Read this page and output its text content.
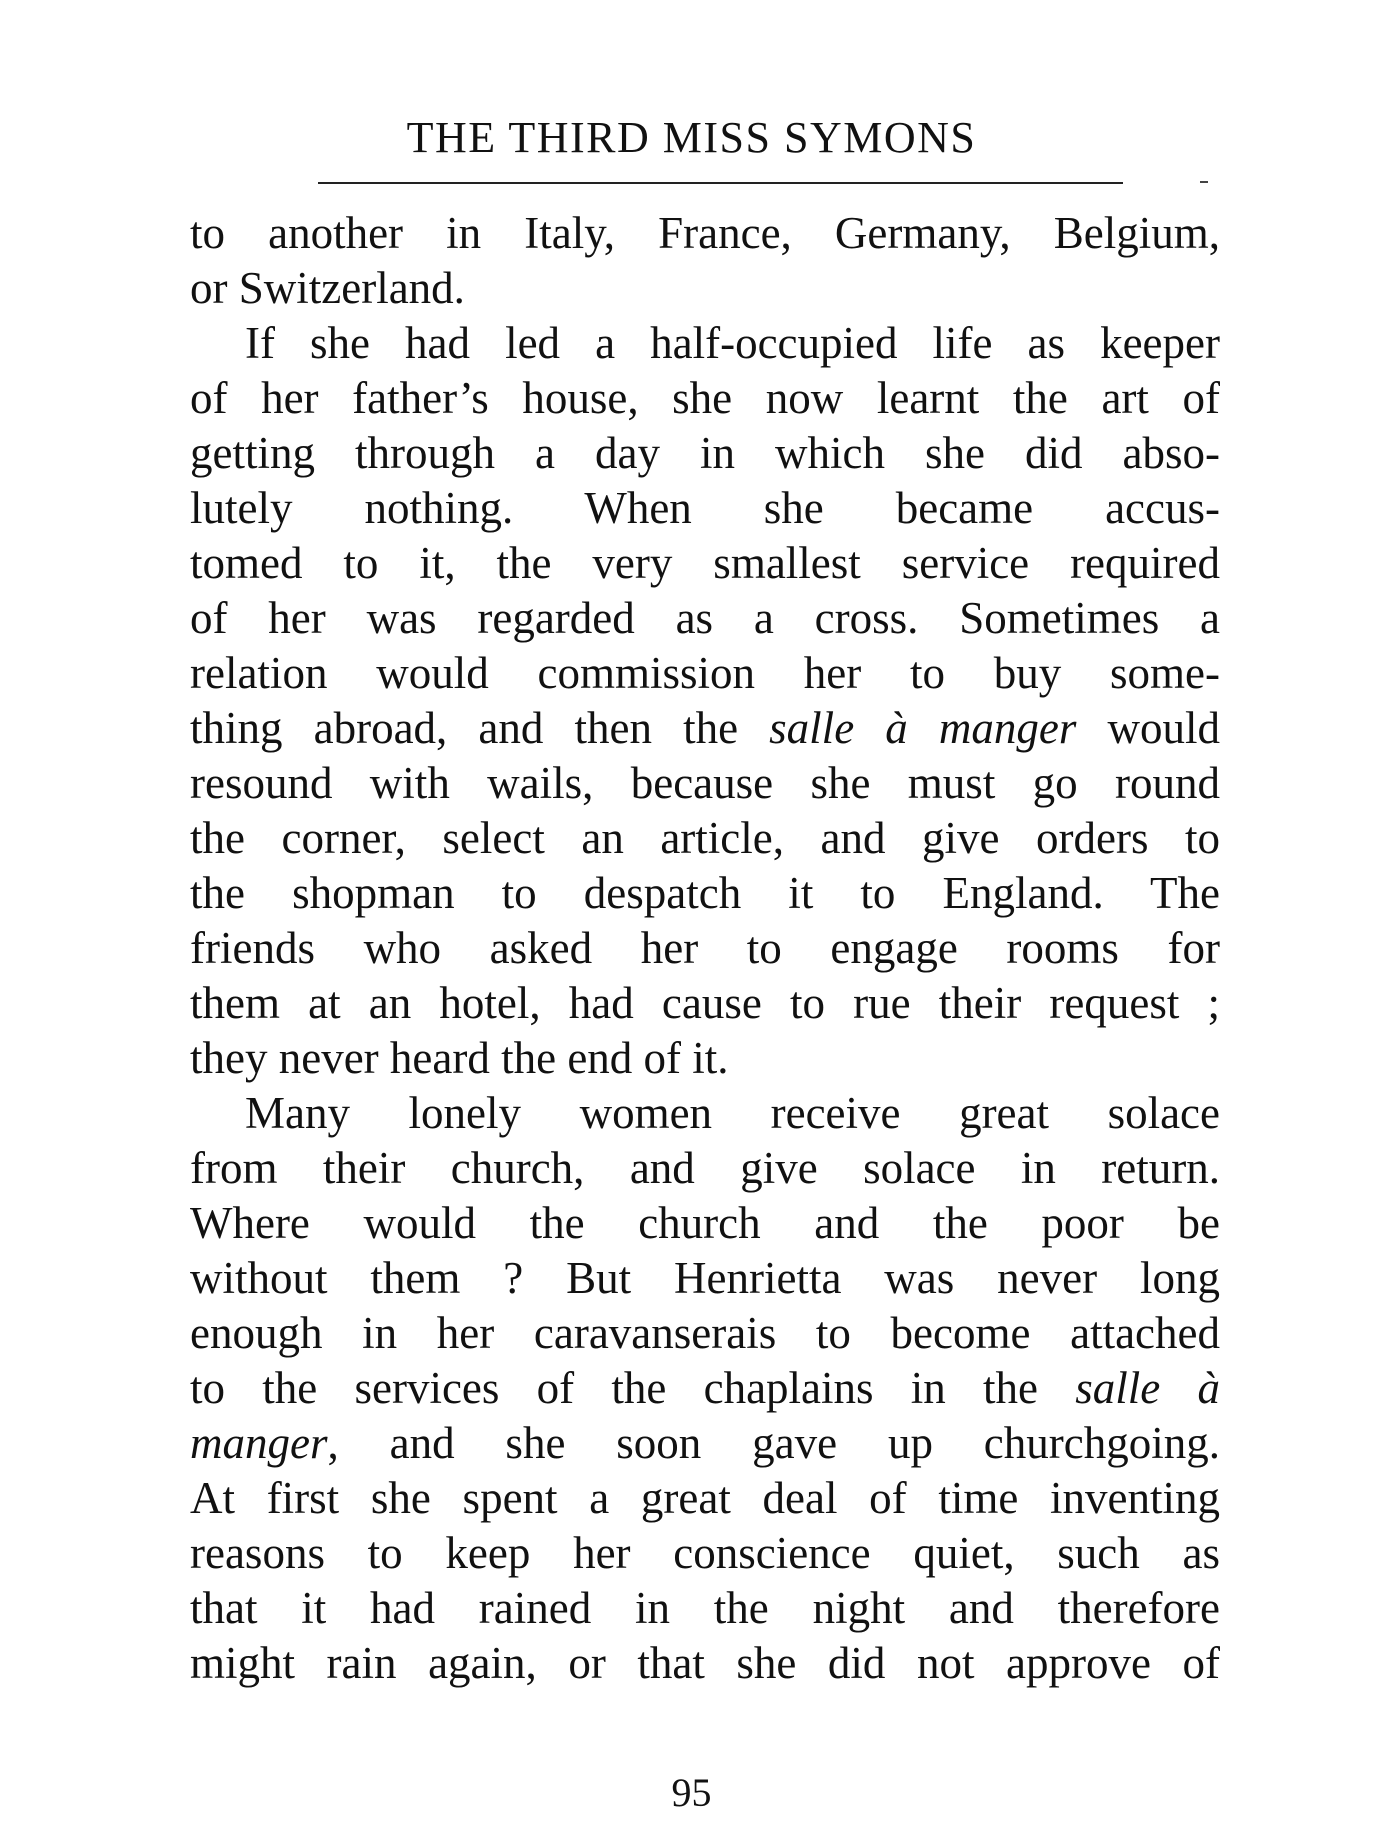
THE THIRD MISS SYMONS
to another in Italy, France, Germany, Belgium,
or Switzerland.
If she had led a half-occupied life as keeper
of her father’s house, she now learnt the art of
getting through a day in which she did abso-
lutely nothing. When she became accus-
tomed to it, the very smallest service required
of her was regarded as a cross. Sometimes a
relation would commission her to buy some-
thing abroad, and then the salle à manger would
resound with wails, because she must go round
the corner, select an article, and give orders to
the shopman to despatch it to England. The
friends who asked her to engage rooms for
them at an hotel, had cause to rue their request ;
they never heard the end of it.
Many lonely women receive great solace
from their church, and give solace in return.
Where would the church and the poor be
without them ? But Henrietta was never long
enough in her caravanserais to become attached
to the services of the chaplains in the salle à
manger, and she soon gave up churchgoing.
At first she spent a great deal of time inventing
reasons to keep her conscience quiet, such as
that it had rained in the night and therefore
might rain again, or that she did not approve of
95
